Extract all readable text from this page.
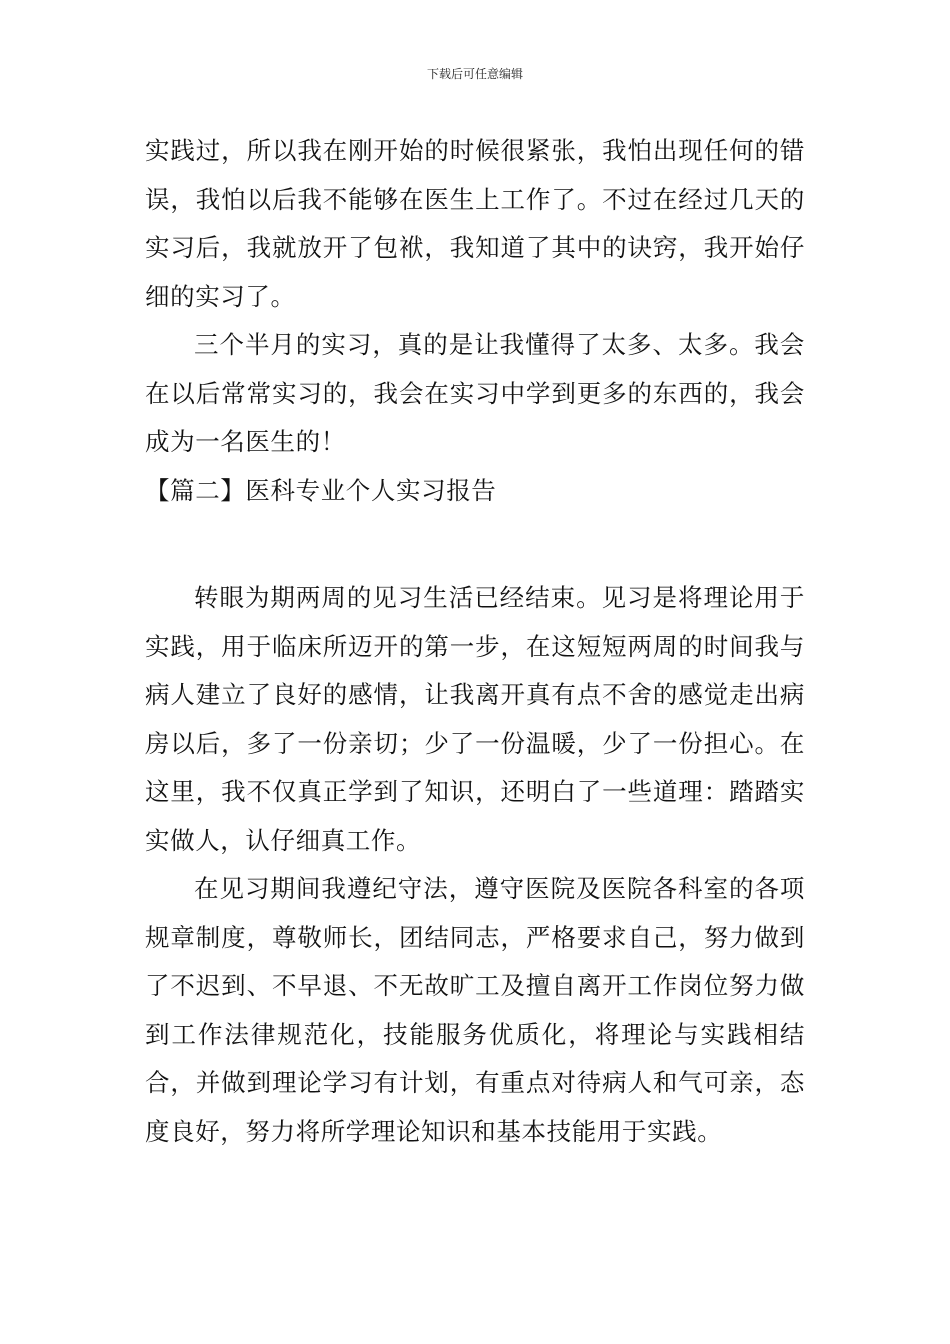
下载后可任意编辑

实践过，所以我在刚开始的时候很紧张，我怕出现任何的错误，我怕以后我不能够在医生上工作了。不过在经过几天的实习后，我就放开了包袱，我知道了其中的诀窍，我开始仔细的实习了。

三个半月的实习，真的是让我懂得了太多、太多。我会在以后常常实习的，我会在实习中学到更多的东西的，我会成为一名医生的！

【篇二】医科专业个人实习报告

转眼为期两周的见习生活已经结束。见习是将理论用于实践，用于临床所迈开的第一步，在这短短两周的时间我与病人建立了良好的感情，让我离开真有点不舍的感觉走出病房以后，多了一份亲切；少了一份温暖，少了一份担心。在这里，我不仅真正学到了知识，还明白了一些道理：踏踏实实做人，认仔细真工作。

在见习期间我遵纪守法，遵守医院及医院各科室的各项规章制度，尊敬师长，团结同志，严格要求自己，努力做到了不迟到、不早退、不无故旷工及擅自离开工作岗位努力做到工作法律规范化，技能服务优质化，将理论与实践相结合，并做到理论学习有计划，有重点对待病人和气可亲，态度良好，努力将所学理论知识和基本技能用于实践。
